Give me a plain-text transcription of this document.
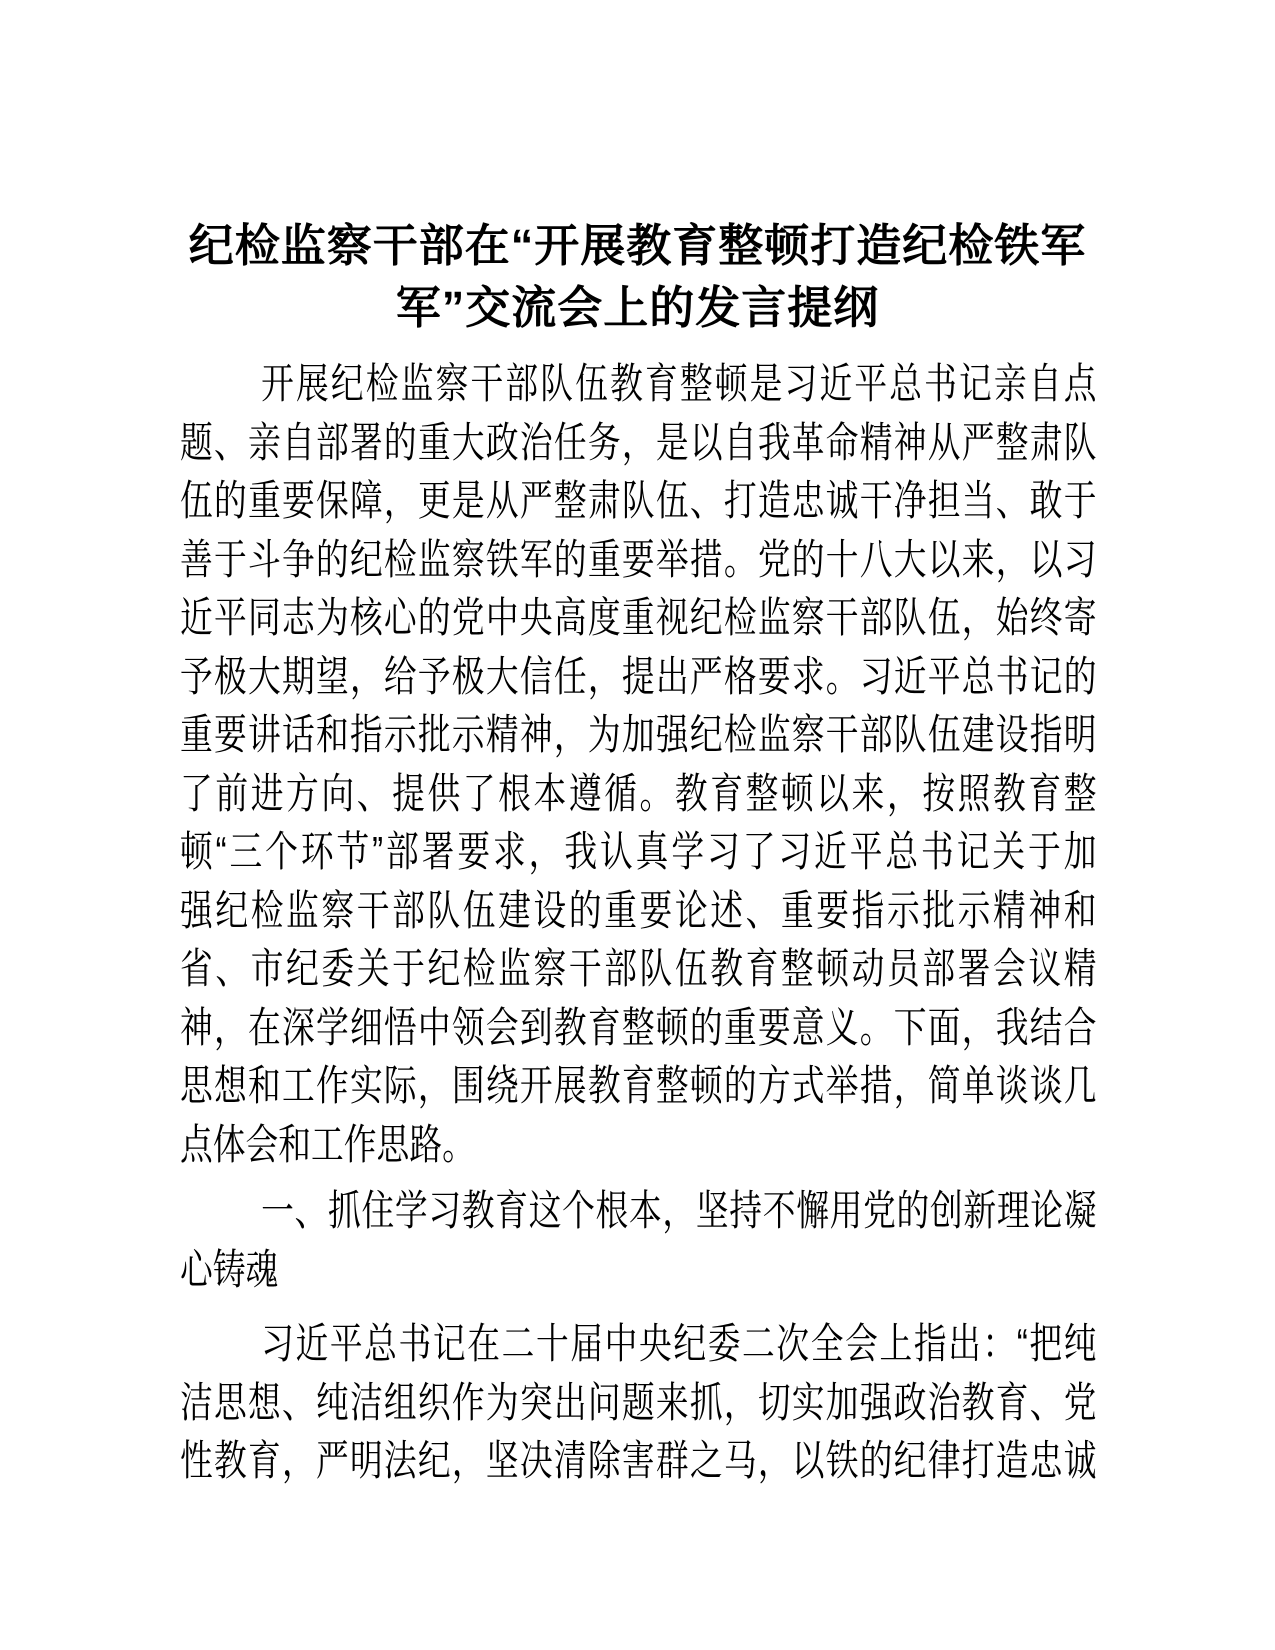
纪检监察干部在“开展教育整顿打造纪检铁军
军”交流会上的发言提纲
开展纪检监察干部队伍教育整顿是习近平总书记亲自点
题、亲自部署的重大政治任务，是以自我革命精神从严整肃队
伍的重要保障，更是从严整肃队伍、打造忠诚干净担当、敢于
善于斗争的纪检监察铁军的重要举措。党的十八大以来，以习
近平同志为核心的党中央高度重视纪检监察干部队伍，始终寄
予极大期望，给予极大信任，提出严格要求。习近平总书记的
重要讲话和指示批示精神，为加强纪检监察干部队伍建设指明
了前进方向、提供了根本遵循。教育整顿以来，按照教育整
顿“三个环节”部署要求，我认真学习了习近平总书记关于加
强纪检监察干部队伍建设的重要论述、重要指示批示精神和
省、市纪委关于纪检监察干部队伍教育整顿动员部署会议精
神，在深学细悟中领会到教育整顿的重要意义。下面，我结合
思想和工作实际，围绕开展教育整顿的方式举措，简单谈谈几
点体会和工作思路。
一、抓住学习教育这个根本，坚持不懈用党的创新理论凝
心铸魂
习近平总书记在二十届中央纪委二次全会上指出：“把纯
洁思想、纯洁组织作为突出问题来抓，切实加强政治教育、党
性教育，严明法纪，坚决清除害群之马，以铁的纪律打造忠诚
